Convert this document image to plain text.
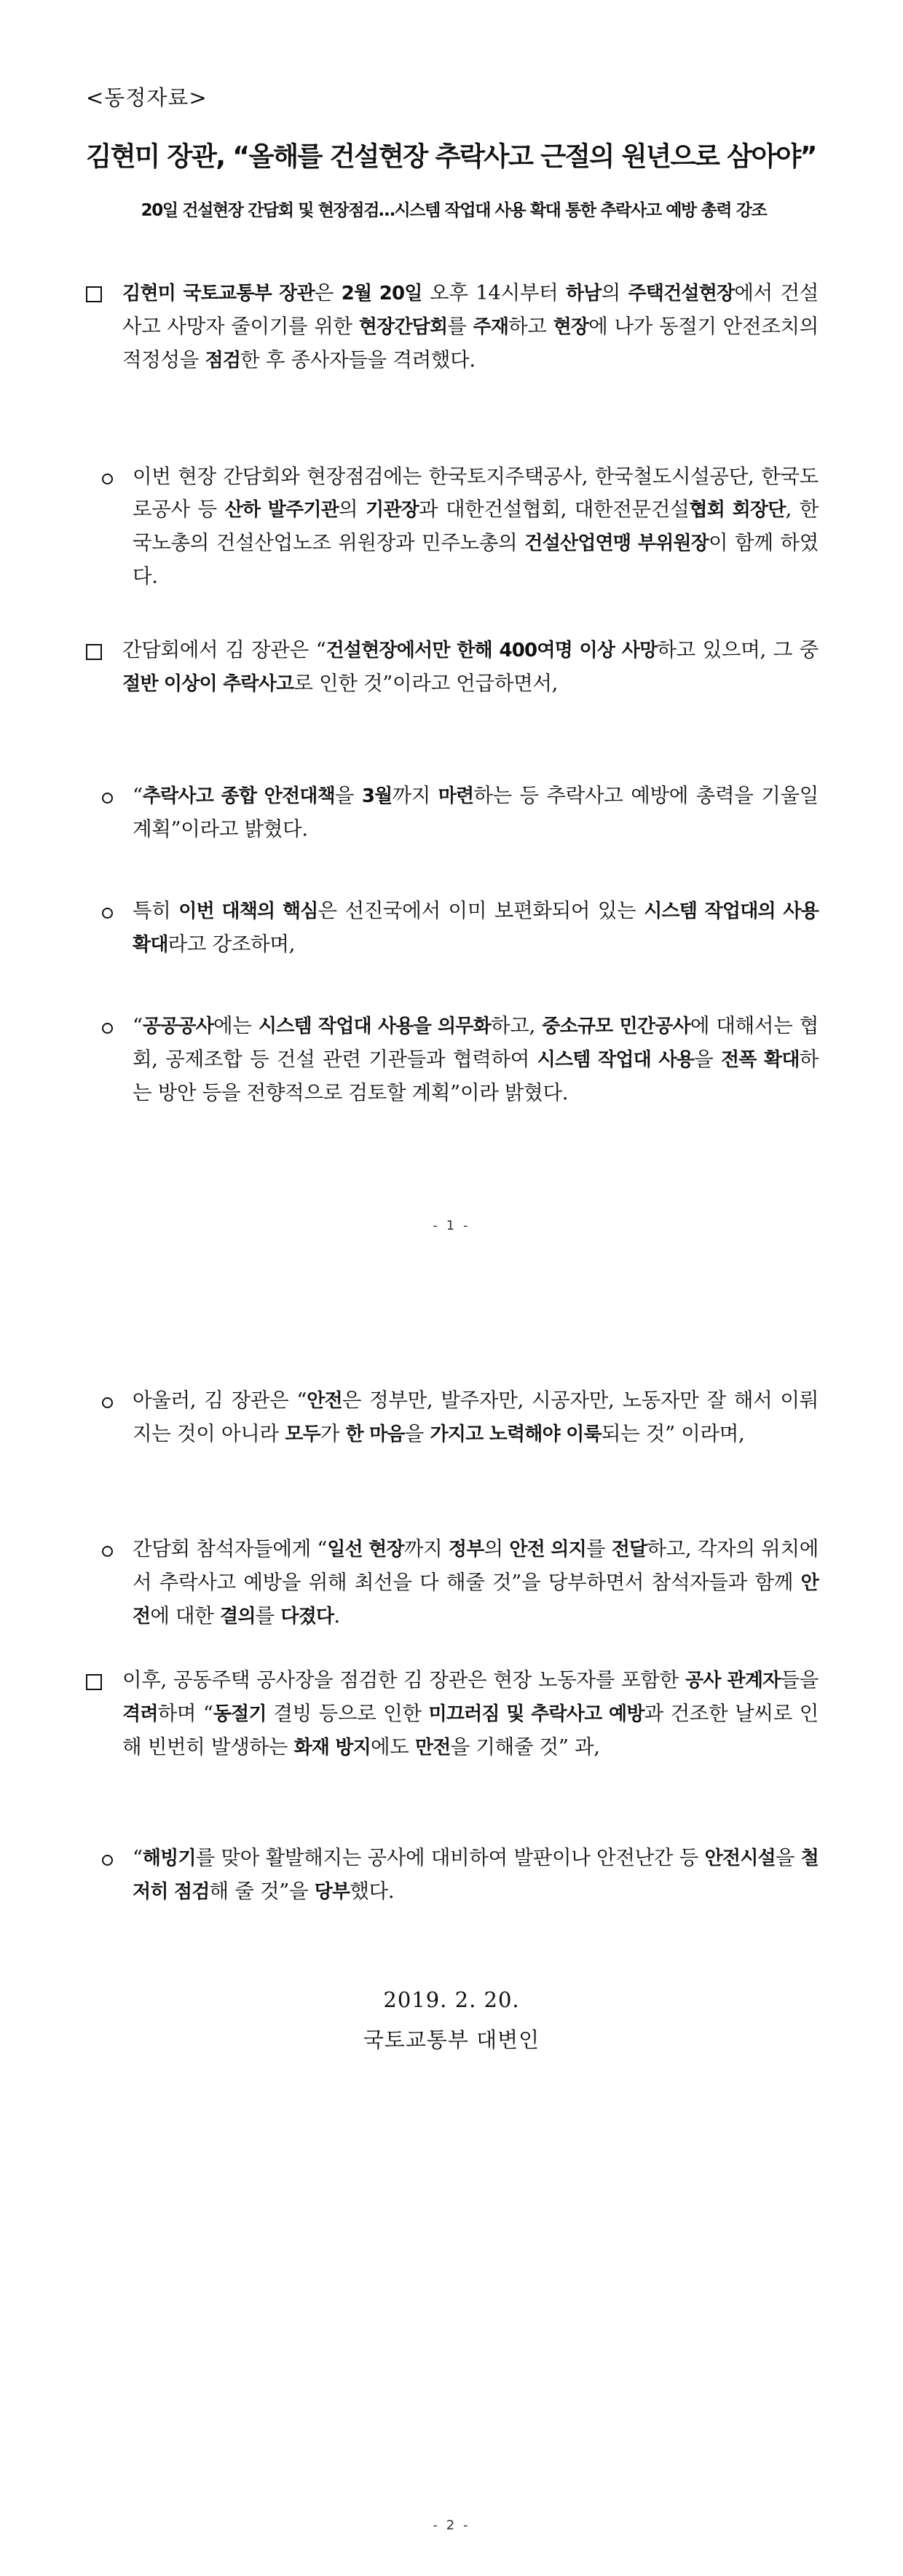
<동정자료>
김현미 장관, “올해를 건설현장 추락사고 근절의 원년으로 삼아야”
20일 건설현장 간담회 및 현장점검…시스템 작업대 사용 확대 통한 추락사고 예방 총력 강조
김현미 국토교통부 장관은 2월 20일 오후 14시부터 하남의 주택건설현장에서 건설사고 사망자 줄이기를 위한 현장간담회를 주재하고 현장에 나가 동절기 안전조치의 적정성을 점검한 후 종사자들을 격려했다.
이번 현장 간담회와 현장점검에는 한국토지주택공사, 한국철도시설공단, 한국도로공사 등 산하 발주기관의 기관장과 대한건설협회, 대한전문건설협회 회장단, 한국노총의 건설산업노조 위원장과 민주노총의 건설산업연맹 부위원장이 함께 하였다.
간담회에서 김 장관은 “건설현장에서만 한해 400여명 이상 사망하고 있으며, 그 중 절반 이상이 추락사고로 인한 것”이라고 언급하면서,
“추락사고 종합 안전대책을 3월까지 마련하는 등 추락사고 예방에 총력을 기울일 계획”이라고 밝혔다.
특히 이번 대책의 핵심은 선진국에서 이미 보편화되어 있는 시스템 작업대의 사용 확대라고 강조하며,
“공공공사에는 시스템 작업대 사용을 의무화하고, 중소규모 민간공사에 대해서는 협회, 공제조합 등 건설 관련 기관들과 협력하여 시스템 작업대 사용을 전폭 확대하는 방안 등을 전향적으로 검토할 계획”이라 밝혔다.
- 1 -
아울러, 김 장관은 “안전은 정부만, 발주자만, 시공자만, 노동자만 잘 해서 이뤄지는 것이 아니라 모두가 한 마음을 가지고 노력해야 이룩되는 것” 이라며,
간담회 참석자들에게 “일선 현장까지 정부의 안전 의지를 전달하고, 각자의 위치에서 추락사고 예방을 위해 최선을 다 해줄 것”을 당부하면서 참석자들과 함께 안전에 대한 결의를 다졌다.
이후, 공동주택 공사장을 점검한 김 장관은 현장 노동자를 포함한 공사 관계자들을 격려하며 “동절기 결빙 등으로 인한 미끄러짐 및 추락사고 예방과 건조한 날씨로 인해 빈번히 발생하는 화재 방지에도 만전을 기해줄 것” 과,
“해빙기를 맞아 활발해지는 공사에 대비하여 발판이나 안전난간 등 안전시설을 철저히 점검해 줄 것”을 당부했다.
2019. 2. 20.
국토교통부 대변인
- 2 -
